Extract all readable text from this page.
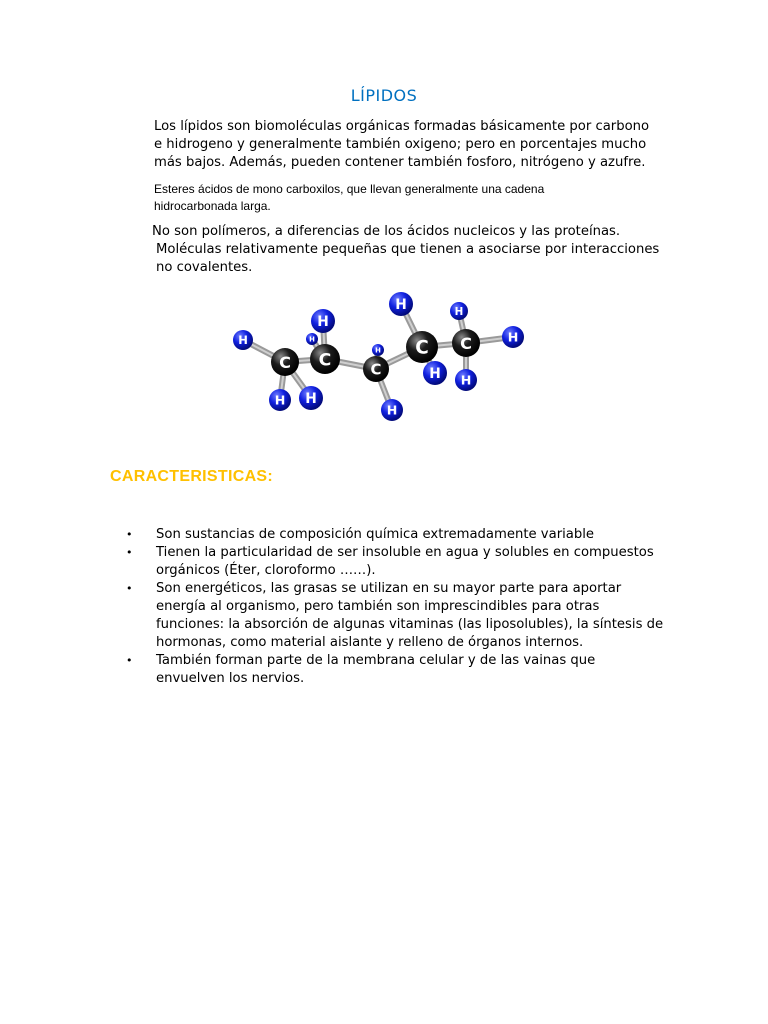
LÍPIDOS

Los lípidos son biomoléculas orgánicas formadas básicamente por carbono e hidrogeno y generalmente también oxigeno; pero en porcentajes mucho más bajos. Además, pueden contener también fosforo, nitrógeno y azufre.

Esteres ácidos de mono carboxilos, que llevan generalmente una cadena hidrocarbonada larga.

No son polímeros, a diferencias de los ácidos nucleicos y las proteínas.
Moléculas relativamente pequeñas que tienen a asociarse por interacciones no covalentes.

H
H
H
H	H
H
H
C C	C
C C
H H
H H
H
CARACTERISTICAS:
• Son sustancias de composición química extremadamente variable
• Tienen la particularidad de ser insoluble en agua y solubles en compuestos orgánicos (Éter, cloroformo ……).
• Son energéticos, las grasas se utilizan en su mayor parte para aportar energía al organismo, pero también son imprescindibles para otras funciones: la absorción de algunas vitaminas (las liposolubles), la síntesis de hormonas, como material aislante y relleno de órganos internos.
• También forman parte de la membrana celular y de las vainas que envuelven los nervios.
